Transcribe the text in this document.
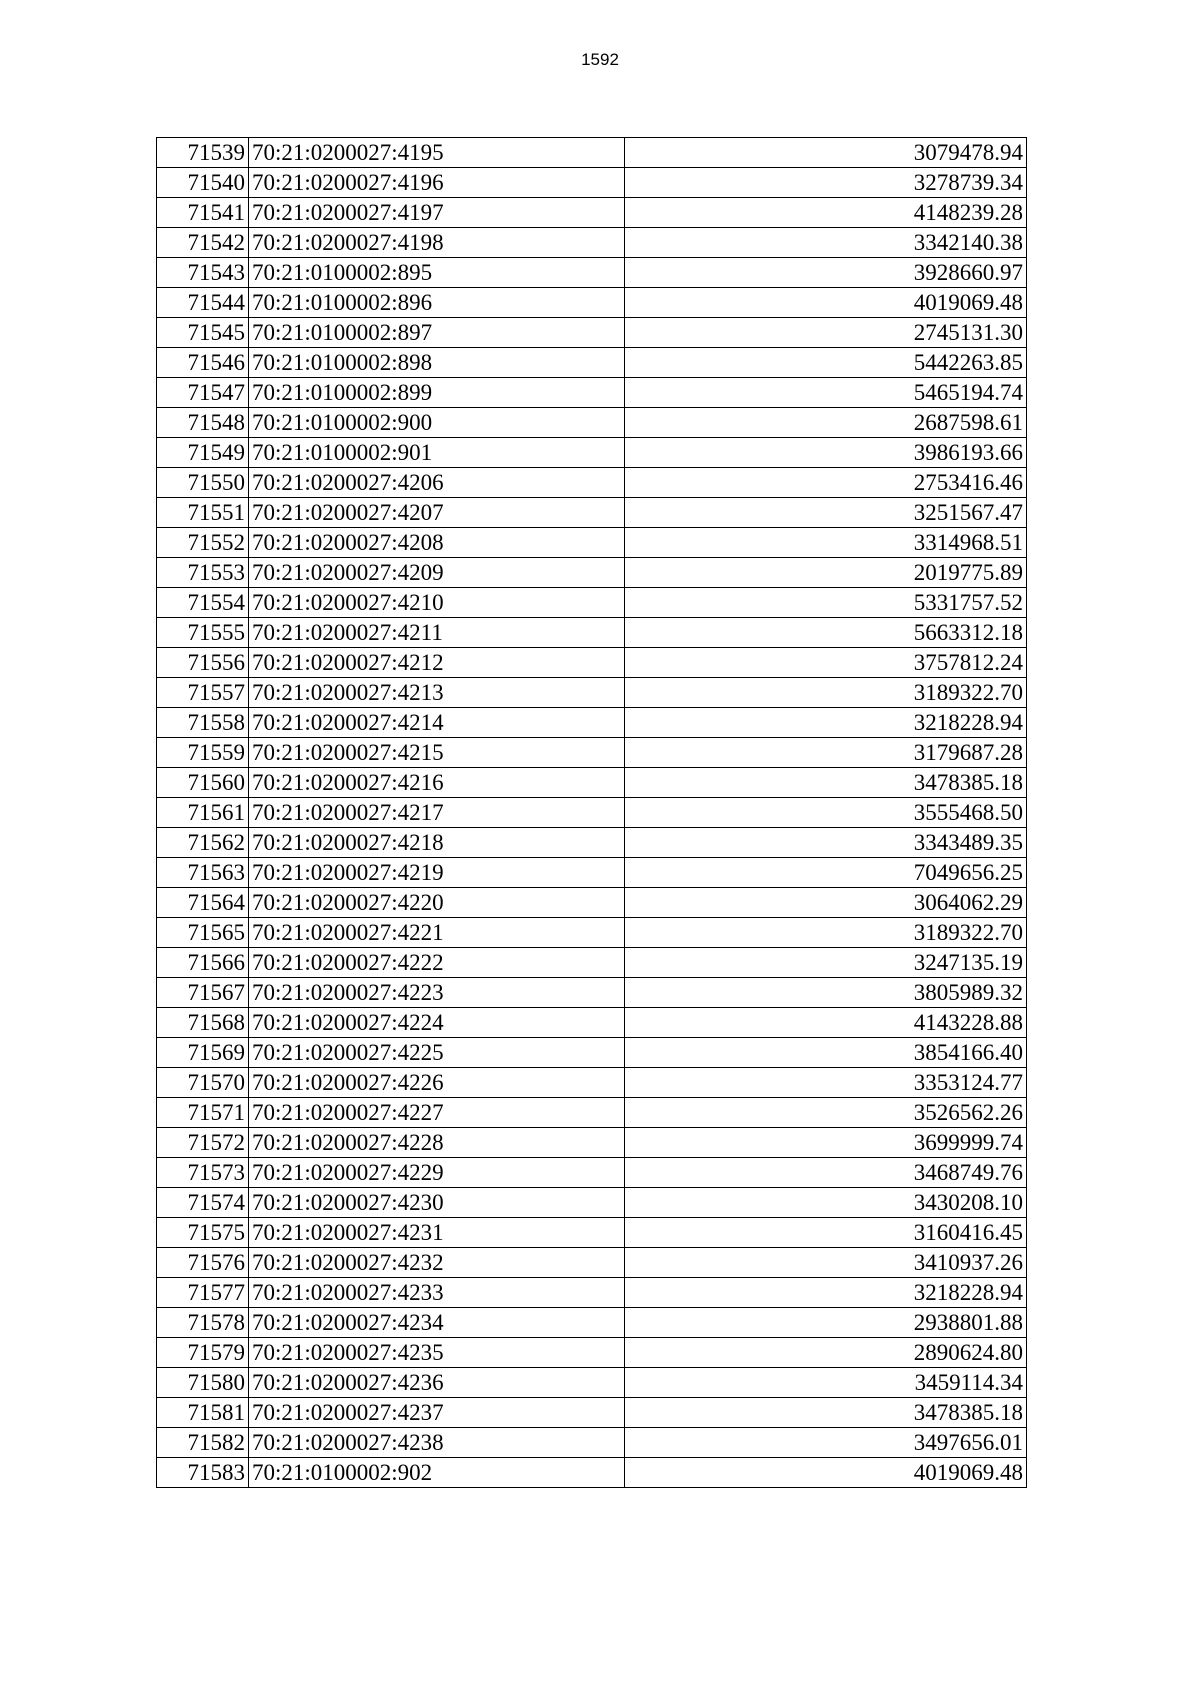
1592
71539	70:21:0200027:4195	3079478.94
71540	70:21:0200027:4196	3278739.34
71541	70:21:0200027:4197	4148239.28
71542	70:21:0200027:4198	3342140.38
71543	70:21:0100002:895	3928660.97
71544	70:21:0100002:896	4019069.48
71545	70:21:0100002:897	2745131.30
71546	70:21:0100002:898	5442263.85
71547	70:21:0100002:899	5465194.74
71548	70:21:0100002:900	2687598.61
71549	70:21:0100002:901	3986193.66
71550	70:21:0200027:4206	2753416.46
71551	70:21:0200027:4207	3251567.47
71552	70:21:0200027:4208	3314968.51
71553	70:21:0200027:4209	2019775.89
71554	70:21:0200027:4210	5331757.52
71555	70:21:0200027:4211	5663312.18
71556	70:21:0200027:4212	3757812.24
71557	70:21:0200027:4213	3189322.70
71558	70:21:0200027:4214	3218228.94
71559	70:21:0200027:4215	3179687.28
71560	70:21:0200027:4216	3478385.18
71561	70:21:0200027:4217	3555468.50
71562	70:21:0200027:4218	3343489.35
71563	70:21:0200027:4219	7049656.25
71564	70:21:0200027:4220	3064062.29
71565	70:21:0200027:4221	3189322.70
71566	70:21:0200027:4222	3247135.19
71567	70:21:0200027:4223	3805989.32
71568	70:21:0200027:4224	4143228.88
71569	70:21:0200027:4225	3854166.40
71570	70:21:0200027:4226	3353124.77
71571	70:21:0200027:4227	3526562.26
71572	70:21:0200027:4228	3699999.74
71573	70:21:0200027:4229	3468749.76
71574	70:21:0200027:4230	3430208.10
71575	70:21:0200027:4231	3160416.45
71576	70:21:0200027:4232	3410937.26
71577	70:21:0200027:4233	3218228.94
71578	70:21:0200027:4234	2938801.88
71579	70:21:0200027:4235	2890624.80
71580	70:21:0200027:4236	3459114.34
71581	70:21:0200027:4237	3478385.18
71582	70:21:0200027:4238	3497656.01
71583	70:21:0100002:902	4019069.48
